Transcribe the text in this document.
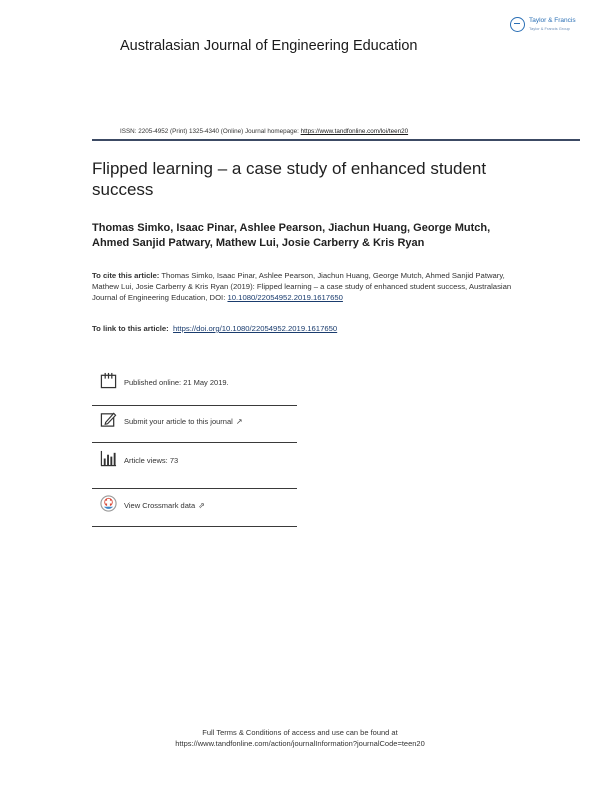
Australasian Journal of Engineering Education
Taylor & Francis
Taylor & Francis Group
ISSN: 2205-4952 (Print) 1325-4340 (Online) Journal homepage: https://www.tandfonline.com/loi/teen20
Flipped learning – a case study of enhanced student success
Thomas Simko, Isaac Pinar, Ashlee Pearson, Jiachun Huang, George Mutch, Ahmed Sanjid Patwary, Mathew Lui, Josie Carberry & Kris Ryan
To cite this article: Thomas Simko, Isaac Pinar, Ashlee Pearson, Jiachun Huang, George Mutch, Ahmed Sanjid Patwary, Mathew Lui, Josie Carberry & Kris Ryan (2019): Flipped learning – a case study of enhanced student success, Australasian Journal of Engineering Education, DOI: 10.1080/22054952.2019.1617650
To link to this article: https://doi.org/10.1080/22054952.2019.1617650
Published online: 21 May 2019.
Submit your article to this journal ↗
Article views: 73
View Crossmark data ⇗
Full Terms & Conditions of access and use can be found at
https://www.tandfonline.com/action/journalInformation?journalCode=teen20
